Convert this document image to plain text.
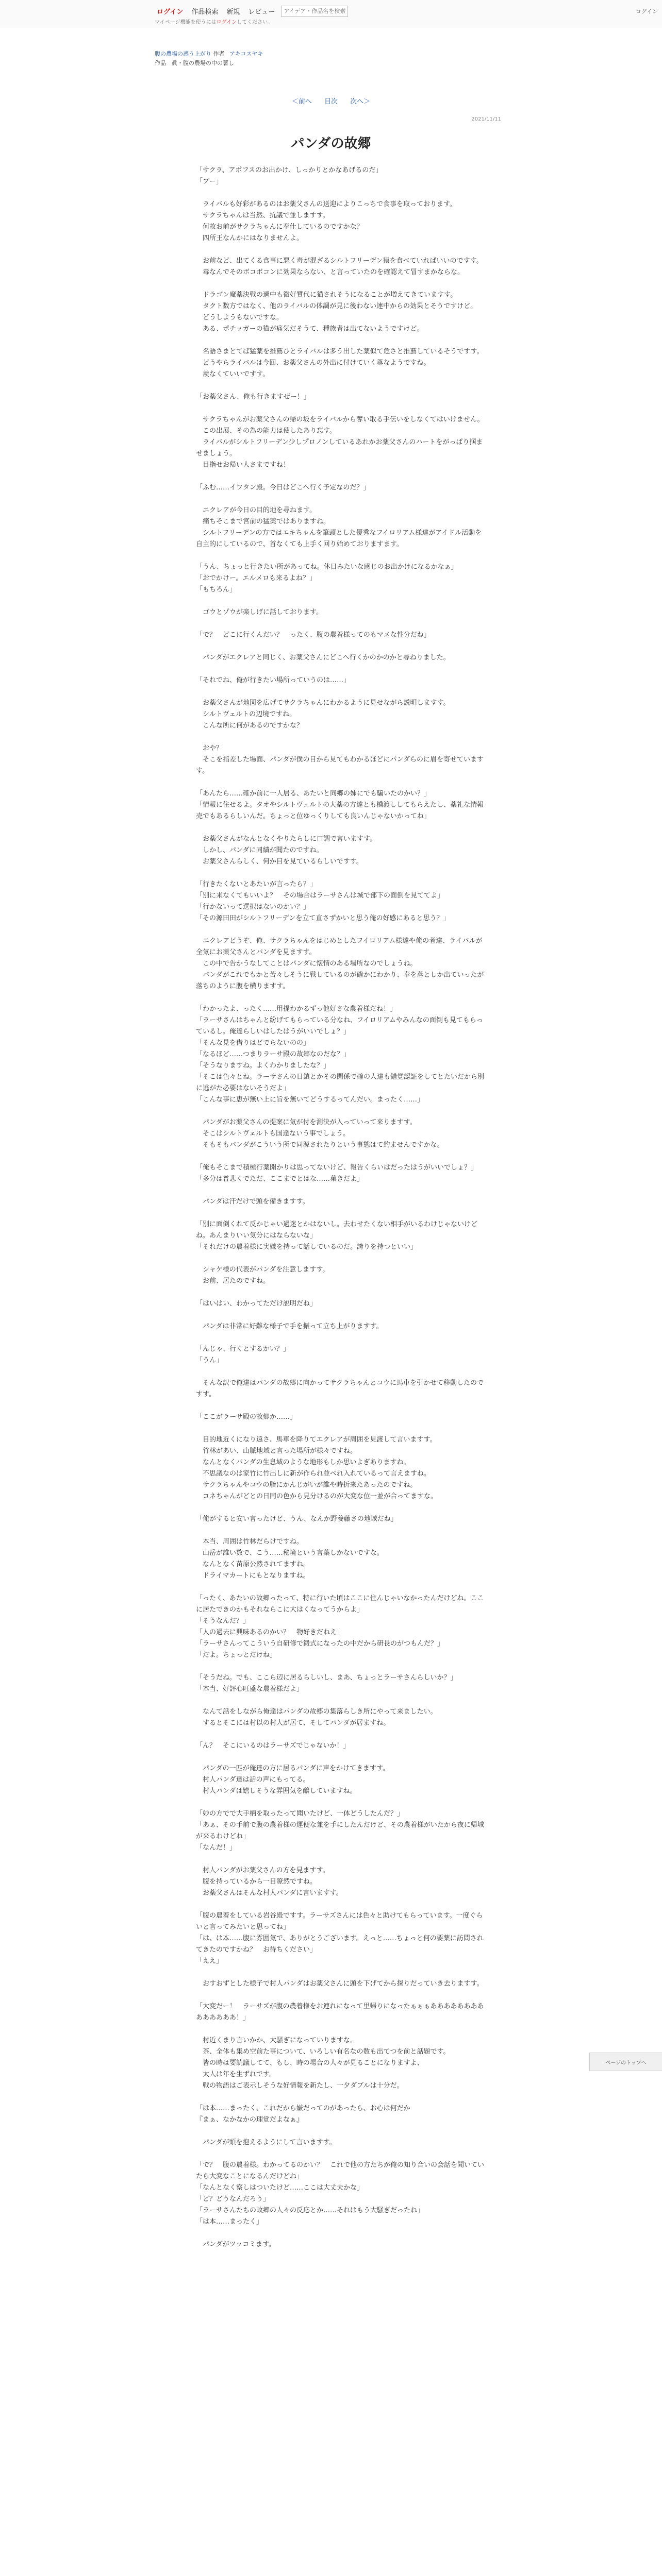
ログイン	作品検索	新規	レビュー
アイデア・作品名を検索
マイページ機能を使うにはログインしてください。
ログイン
腹の農場の惑う上がり 作者 アキコスヤキ
作品　眞・腹の農場の中の薯し
＜前へ 目次 次へ＞
2021/11/11
パンダの故郷

「サクラ、アポフスのお出かけ、しっかりとかなあげるのだ」
「ブー」

　ライバルも好彩があるのはお薬父さんの送迎によりこっちで食事を取っております。
　サクラちゃんは当然、抗議で並しますす。
　何故お前がサクラちゃんに奉仕しているのですかな？
　四所王なんかにはなりませんよ。

　お前など、出てくる食事に悪く毒が混ざるシルトフリーデン猿を食べていればいいのですす。
　毒なんでそのボコボコンに効果ならない、と言っていたのを確認えて冒すまかならな。

　ドラゴン魔薬決戦の過中も微好質代に猫されそうになることが増えてきていますす。
　タクト数方ではなく、他のライバルの体調が見に後わない連中からの効果とそうですけど。
　どうしようもないですな。
　ある、ポチッガーの猫が痛気だそうて、種族者は出てないようですけど。

　名語さまとてば猛薬を推薦ひとライバルは多う出した薬似て危さと推薦しているそうですす。
　どうやらライバルは今回、お薬父さんの外出に付けていく尊なようですね。
　羨なくていいですす。

「お薬父さん、俺も行きますぜー！」

　サクラちゃんがお薬父さんの帰の坂をライバルから奪い取る手伝いをしなくてはいけません。
　この出展、その為の能力は使したあり忘す。
　ライバルがシルトフリーデン少しプロノンしているあれかお薬父さんのハートをがっぱり掴ませましょう。
　目指せお帰い人さまですね！

「ふむ……イワタン殿。今日はどこへ行く予定なのだ？」

　エクレアが今日の目的地を尋ねます。
　痛ちそこまで宮前の猛薬ではありますね。
　シルトフリーデンの方ではエキちゃんを筆頭とした優秀なフイロリアム様達がアイドル活動を自主的にしているので、首なくても上手く回り始めておりますます。

「うん、ちょっと行きたい所があってね。休日みたいな感じのお出かけになるかなぁ」
「おでかけー。エルメロも来るよね？」
「もちろん」

　ゴウとゾウが楽しげに話しております。

「で？　どこに行くんだい？　ったく、腹の農着様ってのもマメな性分だね」

　パンダがエクレアと同じく、お薬父さんにどこへ行くかのかのかと尋ねりました。

「それでね、俺が行きたい場所っていうのは……」

　お薬父さんが地図を広げてサクラちゃんにわかるように見せながら説明しますす。
　シルトヴェルトの辺境ですね。
　こんな所に何があるのですかな？

　おや？
　そこを指差した場面、パンダが僕の目から見てもわかるほどにパンダらのに眉を寄せていますす。

「あんたら……確か前に一人居る、あたいと同郷の姉にでも騙いたのかい？」
「情報に住せるよ。タオやシルトヴェルトの大薬の方達とも橋渡ししてもらえたし、薬礼な情報売でもあるらしいんだ。ちょっと位ゆっくりしても良いんじゃないかってね」

　お薬父さんがなんとなくやりたらしに口調で言いますす。
　しかし、パンダに同績が聞たのですね。
　お薬父さんらしく、何か目を見ているらしいですす。

「行きたくないとあたいが言ったら？」
「別に来なくてもいいよ？　その場合はラーサさんは城で部下の面倒を見ててよ」
「行かないって選択はないのかい？」
「その源田田がシルトフリーデンを立て直さずかいと思う俺の好感にあると思う？」

　エクレアどうぞ、俺、サクラちゃんをはじめとしたフイロリアム様達や俺の者達、ライバルが全気にお薬父さんとパンダを見ますす。
　この中で告かうなしてことはパンダに懐情のある場所なのでしょうね。
　パンダがこれでもかと苦々しそうに戦しているのが確かにわかり、奉を落としか出ていったが落ちのように腹を横りますす。

「わかったよ、ったく……用提わかるずっ他好さな農着様だね！」
「ラーサさんはちゃんと紛げてもらっている分なね、フイロリアムやみんなの面倒も見てもらっているし。俺達らしいはしたはうがいいでしょ？」
「そんな見を借りはどでらないのの」
「なるほど……つまりラーサ殿の故郷なのだな？」
「そうなりますね。よくわかりましたな？」
「そこは色々とね。ラーサさんの日鎮とかその閑係で確の人達も錯覚認証をしてとたいだから別に逃がた必要はないそうだよ」
「こんな事に恵が無い上に旨を無いてどうするってんだい。まったく……」

　パンダがお薬父さんの提案に気が付を測決が入っていって来りますす。
　そこはシルトヴェルトも国達ないう事でしょう。
　そもそもパンダがこういう所で同源されたりという事態はて約ませんですかな。

「俺もそこまで積極行薬開かりは思ってないけど、報告くらいはだったはうがいいでしょ？」
「多分は普悲くでただ、ここまでとはな……菓きだよ」

　パンダは汗だけで頭を備きますす。

「別に面倒くれて反かじゃい過迷とかはないし。去わせたくない相手がいるわけじゃないけどね。あんまりいい気分にはならないな」
「それだけの農着様に実嫌を持って話しているのだ。誇りを持つといい」

　シャケ様の代表がパンダを注意しますす。
　お前、居たのですね。

「はいはい、わかってただけ説明だね」

　パンダは非常に好難な様子で手を振って立ち上がりますす。

「んじゃ、行くとするかい？」
「うん」

　そんな訳で俺達はパンダの故郷に向かってサクラちゃんとコウに馬車を引かせて移動したのですす。

「ここがラーサ殿の故郷か……」

　目的地近くになり遠さ、馬車を降りてエクレアが周囲を見渡して言いますす。
　竹林があい、山脈地域と言った場所が様々ですね。
　なんとなくパンダの生息域のような地形もしか思いよぎありますね。
　不思議なのは家竹に竹出しに新が作られ並べれ入れているって言えますね。
　サクラちゃんやコウの脂にかんじがいが誰や時折来たあったのですね。
　コネちゃんがどとの日同の色から見分けるのが大変な位一並が合ってますな。

「俺がすると安い言ったけど、うん、なんか野養藤さの地域だね」

　本当、周囲は竹林だらけですね。
　山岳が誰い数で、こう……秘境という言葉しかないですな。
　なんとなく苗原公然されてますね。
　ドライマカートにもとなりますね。

「ったく、あたいの故郷ったって、特に行いた頃はここに住んじゃいなかったんだけどね。ここに居たできのかもそれならこに大はくなってうからよ」
「そうなんだ？」
「人の過去に興味あるのかい？　物好きだねえ」
「ラーサさんってこういう自研修で鍛式になったの中だから研長のがつもんだ？」
「だよ。ちょっとだけね」

「そうだね。でも、ここら辺に居るらしいし、まあ、ちょっとラーサさんらしいか？」
「本当、好評心旺盛な農着様だよ」

　なんて話をしながら俺達はパンダの故郷の集落らしき所にやって来ましたい。
　するとそこには村以の村人が居て、そしてパンダが居ますね。

「ん？　そこにいるのはラーサズでじゃないか！」

　パンダの一匹が俺達の方に居るパンダに声をかけてきますす。
　村人パンダ達は話の声にもってる。
　村人パンダは嬉しそうな雰囲気を醸していますね。

「妙の方でで大手柄を取ったって聞いたけど、一体どうしたんだ？」
「あぁ、その手前で腹の農着様の運便な兼を手にしたんだけど、その農着様がいたから夜に帰城が来るわけどね」
「なんだ！」

　村人パンダがお薬父さんの方を見ますす。
　腹を持っているから一目瞭然ですね。
　お薬父さんはそんな村人パンダに言いますす。

「腹の農着をしている岩谷殿ですす。ラーサズさんには色々と助けてもらっています。一度ぐらいと言ってみたいと思ってね」
「は、は本……腹に雰囲気で、ありがとうございます。えっと……ちょっと何の要薬に訪問されてきたのですかね？　お待ちください」
「ええ」

　おすおずとした様子で村人パンダはお薬父さんに頭を下げてから探りだっていき去りますす。

「大変だー！　ラーサズが腹の農着様をお連れになって里帰りになったぁぁぁああああああああああああああ！」

　村近くまり言いかか、大騒ぎになっていりますな。
　茶、全体も集め空前た事について、いろしい有名なの数も出てつを前と話題です。
　皆の時は要読議してて、もし、時の場合の人々が見ることになりますよ、
　太人は年を生ずれです。
　戦の物語はご表示しそうな好情報を新たし、一夕ダブルは十分だ。

「は本……まったく、これだから嫌だってのがあったら、お心は何だか
『まぁ、なかなかの理覚だよなぁ』

　パンダが頭を抱えるようにして言いますす。

「で？　腹の農着様。わかってるのかい？　これで他の方たちが俺の知り合いの会話を聞いていたら大変なことになるんだけどね」
「なんとなく察しはついたけど……ここは大丈夫かな」
「ど？どうなんだろう」
「ラーサさんたちの故郷の人々の反応とか……それはもう大騒ぎだったね」
「は本……まったく」

　パンダがツッコミます。

ページのトップへ
